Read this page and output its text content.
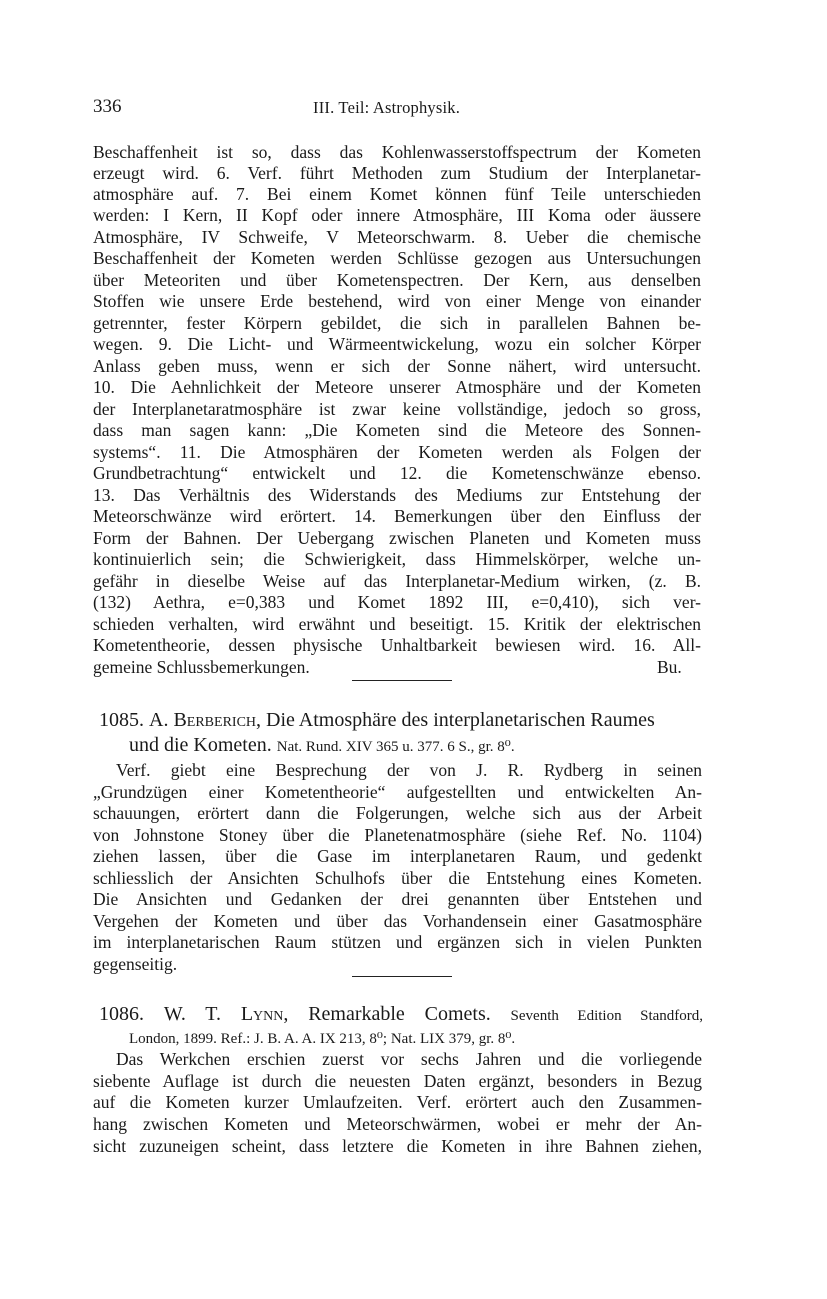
336	III. Teil: Astrophysik.
Beschaffenheit ist so, dass das Kohlenwasserstoffspectrum der Kometen
erzeugt wird. 6. Verf. führt Methoden zum Studium der Interplanetar-
atmosphäre auf. 7. Bei einem Komet können fünf Teile unterschieden
werden: I Kern, II Kopf oder innere Atmosphäre, III Koma oder äussere
Atmosphäre, IV Schweife, V Meteorschwarm. 8. Ueber die chemische
Beschaffenheit der Kometen werden Schlüsse gezogen aus Untersuchungen
über Meteoriten und über Kometenspectren. Der Kern, aus denselben
Stoffen wie unsere Erde bestehend, wird von einer Menge von einander
getrennter, fester Körpern gebildet, die sich in parallelen Bahnen be-
wegen. 9. Die Licht- und Wärmeentwickelung, wozu ein solcher Körper
Anlass geben muss, wenn er sich der Sonne nähert, wird untersucht.
10. Die Aehnlichkeit der Meteore unserer Atmosphäre und der Kometen
der Interplanetaratmosphäre ist zwar keine vollständige, jedoch so gross,
dass man sagen kann: „Die Kometen sind die Meteore des Sonnen-
systems“. 11. Die Atmosphären der Kometen werden als Folgen der
Grundbetrachtung“ entwickelt und 12. die Kometenschwänze ebenso.
13. Das Verhältnis des Widerstands des Mediums zur Entstehung der
Meteorschwänze wird erörtert. 14. Bemerkungen über den Einfluss der
Form der Bahnen. Der Uebergang zwischen Planeten und Kometen muss
kontinuierlich sein; die Schwierigkeit, dass Himmelskörper, welche un-
gefähr in dieselbe Weise auf das Interplanetar-Medium wirken, (z. B.
(132) Aethra, e=0,383 und Komet 1892 III, e=0,410), sich ver-
schieden verhalten, wird erwähnt und beseitigt. 15. Kritik der elektrischen
Kometentheorie, dessen physische Unhaltbarkeit bewiesen wird. 16. All-
gemeine Schlussbemerkungen.	Bu.
1085. A. Berberich, Die Atmosphäre des interplanetarischen Raumes
und die Kometen. Nat. Rund. XIV 365 u. 377. 6 S., gr. 8⁰.
Verf. giebt eine Besprechung der von J. R. Rydberg in seinen
„Grundzügen einer Kometentheorie“ aufgestellten und entwickelten An-
schauungen, erörtert dann die Folgerungen, welche sich aus der Arbeit
von Johnstone Stoney über die Planetenatmosphäre (siehe Ref. No. 1104)
ziehen lassen, über die Gase im interplanetaren Raum, und gedenkt
schliesslich der Ansichten Schulhofs über die Entstehung eines Kometen.
Die Ansichten und Gedanken der drei genannten über Entstehen und
Vergehen der Kometen und über das Vorhandensein einer Gasatmosphäre
im interplanetarischen Raum stützen und ergänzen sich in vielen Punkten
gegenseitig.
1086. W. T. Lynn, Remarkable Comets. Seventh Edition Standford,
London, 1899. Ref.: J. B. A. A. IX 213, 8⁰; Nat. LIX 379, gr. 8⁰.
Das Werkchen erschien zuerst vor sechs Jahren und die vorliegende
siebente Auflage ist durch die neuesten Daten ergänzt, besonders in Bezug
auf die Kometen kurzer Umlaufzeiten. Verf. erörtert auch den Zusammen-
hang zwischen Kometen und Meteorschwärmen, wobei er mehr der An-
sicht zuzuneigen scheint, dass letztere die Kometen in ihre Bahnen ziehen,
